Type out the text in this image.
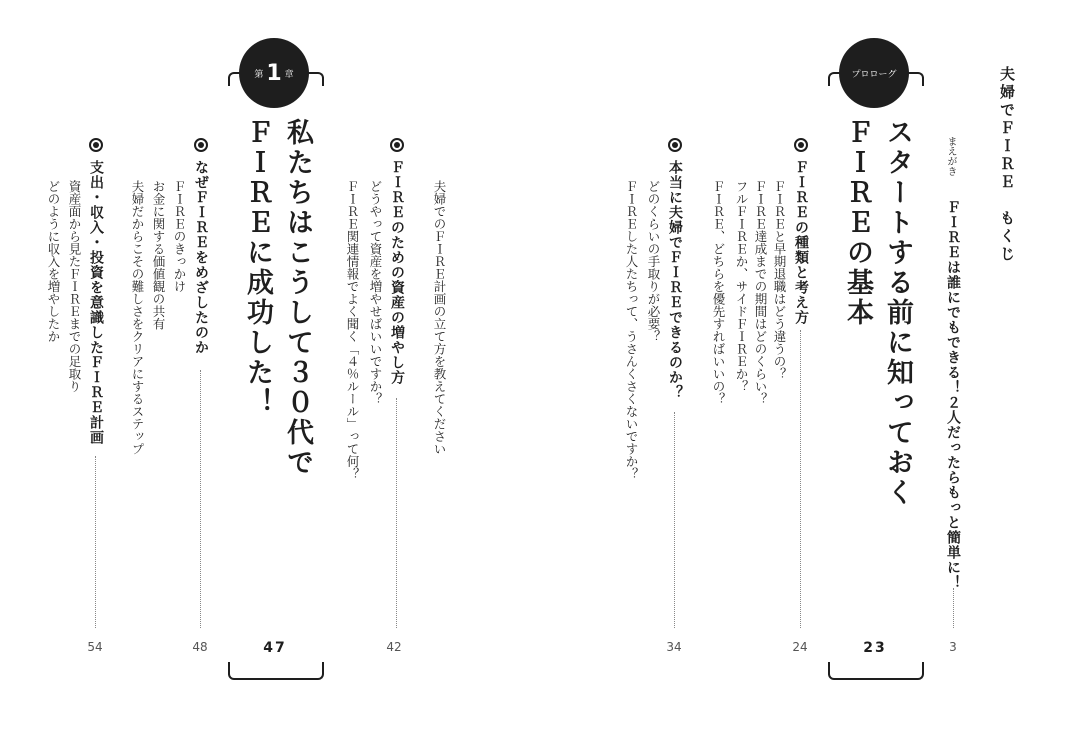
夫婦でＦＩＲＥ　もくじ
まえがき
ＦＩＲＥは誰にでもできる！２人だったらもっと簡単に！
3
プロローグ
スタートする前に知っておく
ＦＩＲＥの基本
23
ＦＩＲＥの種類と考え方
24
ＦＩＲＥと早期退職はどう違うの？
ＦＩＲＥ達成までの期間はどのくらい？
フルＦＩＲＥか、サイドＦＩＲＥか？
ＦＩＲＥ、どちらを優先すればいいの？
本当に夫婦でＦＩＲＥできるのか？
34
どのくらいの手取りが必要？
ＦＩＲＥした人たちって、うさんくさくないですか？
夫婦でのＦＩＲＥ計画の立て方を教えてください
ＦＩＲＥのための資産の増やし方
42
どうやって資産を増やせばいいですか？
ＦＩＲＥ関連情報でよく聞く「４％ルール」って何？
第 1 章
私たちはこうして３０代で
ＦＩＲＥに成功した！
47
なぜＦＩＲＥをめざしたのか
48
ＦＩＲＥのきっかけ
お金に関する価値観の共有
夫婦だからこその難しさをクリアにするステップ
支出・収入・投資を意識したＦＩＲＥ計画
54
資産面から見たＦＩＲＥまでの足取り
どのように収入を増やしたか
